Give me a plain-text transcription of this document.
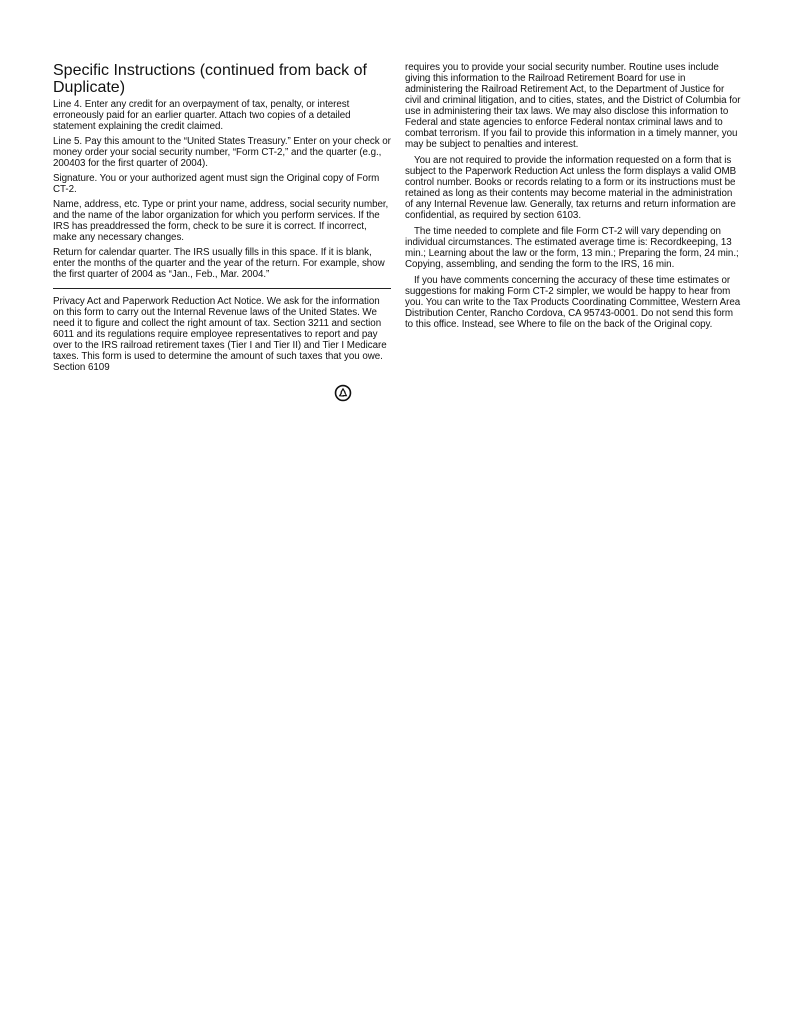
Specific Instructions (continued from back of Duplicate)

Line 4. Enter any credit for an overpayment of tax, penalty, or interest erroneously paid for an earlier quarter. Attach two copies of a detailed statement explaining the credit claimed.

Line 5. Pay this amount to the “United States Treasury.” Enter on your check or money order your social security number, “Form CT-2,” and the quarter (e.g., 200403 for the first quarter of 2004).

Signature. You or your authorized agent must sign the Original copy of Form CT-2.

Name, address, etc. Type or print your name, address, social security number, and the name of the labor organization for which you perform services. If the IRS has preaddressed the form, check to be sure it is correct. If incorrect, make any necessary changes.

Return for calendar quarter. The IRS usually fills in this space. If it is blank, enter the months of the quarter and the year of the return. For example, show the first quarter of 2004 as “Jan., Feb., Mar. 2004.”

Privacy Act and Paperwork Reduction Act Notice. We ask for the information on this form to carry out the Internal Revenue laws of the United States. We need it to figure and collect the right amount of tax. Section 3211 and section 6011 and its regulations require employee representatives to report and pay over to the IRS railroad retirement taxes (Tier I and Tier II) and Tier I Medicare taxes. This form is used to determine the amount of such taxes that you owe. Section 6109

requires you to provide your social security number. Routine uses include giving this information to the Railroad Retirement Board for use in administering the Railroad Retirement Act, to the Department of Justice for civil and criminal litigation, and to cities, states, and the District of Columbia for use in administering their tax laws. We may also disclose this information to Federal and state agencies to enforce Federal nontax criminal laws and to combat terrorism. If you fail to provide this information in a timely manner, you may be subject to penalties and interest.

You are not required to provide the information requested on a form that is subject to the Paperwork Reduction Act unless the form displays a valid OMB control number. Books or records relating to a form or its instructions must be retained as long as their contents may become material in the administration of any Internal Revenue law. Generally, tax returns and return information are confidential, as required by section 6103.

The time needed to complete and file Form CT-2 will vary depending on individual circumstances. The estimated average time is: Recordkeeping, 13 min.; Learning about the law or the form, 13 min.; Preparing the form, 24 min.; Copying, assembling, and sending the form to the IRS, 16 min.

If you have comments concerning the accuracy of these time estimates or suggestions for making Form CT-2 simpler, we would be happy to hear from you. You can write to the Tax Products Coordinating Committee, Western Area Distribution Center, Rancho Cordova, CA 95743-0001. Do not send this form to this office. Instead, see Where to file on the back of the Original copy.
